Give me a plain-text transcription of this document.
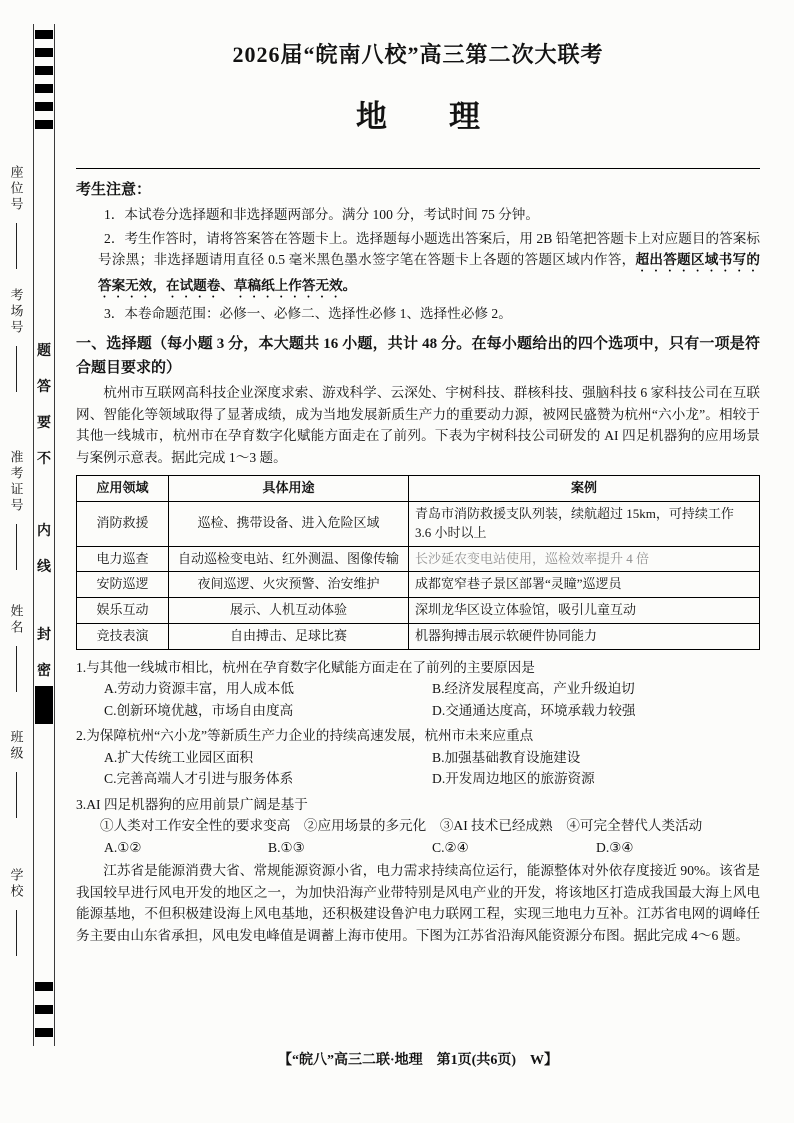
座位号
考场号
准考证号
姓名
班级
学校
题
答
要
不
内
线
封
密
2026届“皖南八校”高三第二次大联考
地　　理

考生注意：

1．本试卷分选择题和非选择题两部分。满分 100 分，考试时间 75 分钟。

2．考生作答时，请将答案答在答题卡上。选择题每小题选出答案后，用 2B 铅笔把答题卡上对应题目的答案标号涂黑；非选择题请用直径 0.5 毫米黑色墨水签字笔在答题卡上各题的答题区域内作答，超出答题区域书写的答案无效，在试题卷、草稿纸上作答无效。

3．本卷命题范围：必修一、必修二、选择性必修 1、选择性必修 2。

一、选择题（每小题 3 分，本大题共 16 小题，共计 48 分。在每小题给出的四个选项中，只有一项是符合题目要求的）

杭州市互联网高科技企业深度求索、游戏科学、云深处、宇树科技、群核科技、强脑科技 6 家科技公司在互联网、智能化等领域取得了显著成绩，成为当地发展新质生产力的重要动力源，被网民盛赞为杭州“六小龙”。相较于其他一线城市，杭州市在孕育数字化赋能方面走在了前列。下表为宇树科技公司研发的 AI 四足机器狗的应用场景与案例示意表。据此完成 1～3 题。

应用领域	具体用途	案例
消防救援	巡检、携带设备、进入危险区域	青岛市消防救援支队列装，续航超过 15km，可持续工作 3.6 小时以上
电力巡查	自动巡检变电站、红外测温、图像传输	长沙延农变电站使用，巡检效率提升 4 倍
安防巡逻	夜间巡逻、火灾预警、治安维护	成都宽窄巷子景区部署“灵瞳”巡逻员
娱乐互动	展示、人机互动体验	深圳龙华区设立体验馆，吸引儿童互动
竞技表演	自由搏击、足球比赛	机器狗搏击展示软硬件协同能力

1.与其他一线城市相比，杭州在孕育数字化赋能方面走在了前列的主要原因是

A.劳动力资源丰富，用人成本低	B.经济发展程度高，产业升级迫切
C.创新环境优越，市场自由度高	D.交通通达度高，环境承载力较强

2.为保障杭州“六小龙”等新质生产力企业的持续高速发展，杭州市未来应重点

A.扩大传统工业园区面积	B.加强基础教育设施建设
C.完善高端人才引进与服务体系	D.开发周边地区的旅游资源

3.AI 四足机器狗的应用前景广阔是基于

①人类对工作安全性的要求变高　②应用场景的多元化　③AI 技术已经成熟　④可完全替代人类活动

A.①②	B.①③	C.②④	D.③④

江苏省是能源消费大省、常规能源资源小省，电力需求持续高位运行，能源整体对外依存度接近 90%。该省是我国较早进行风电开发的地区之一，为加快沿海产业带特别是风电产业的开发，将该地区打造成我国最大海上风电能源基地，不但积极建设海上风电基地，还积极建设鲁沪电力联网工程，实现三地电力互补。江苏省电网的调峰任务主要由山东省承担，风电发电峰值是调蓄上海市使用。下图为江苏省沿海风能资源分布图。据此完成 4～6 题。

【“皖八”高三二联·地理　第1页(共6页)　W】
